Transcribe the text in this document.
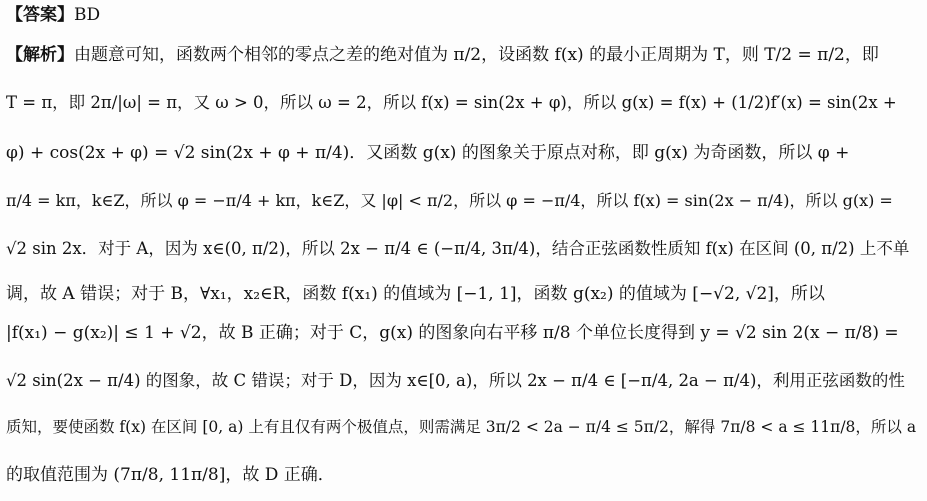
【答案】BD
【解析】由题意可知，函数两个相邻的零点之差的绝对值为 π/2，设函数 f(x) 的最小正周期为 T，则 T/2 = π/2，即
T = π，即 2π/|ω| = π，又 ω > 0，所以 ω = 2，所以 f(x) = sin(2x + φ)，所以 g(x) = f(x) + (1/2)f′(x) = sin(2x +
φ) + cos(2x + φ) = √2 sin(2x + φ + π/4)．又函数 g(x) 的图象关于原点对称，即 g(x) 为奇函数，所以 φ +
π/4 = kπ，k∈Z，所以 φ = −π/4 + kπ，k∈Z，又 |φ| < π/2，所以 φ = −π/4，所以 f(x) = sin(2x − π/4)，所以 g(x) =
√2 sin 2x．对于 A，因为 x∈(0, π/2)，所以 2x − π/4 ∈ (−π/4, 3π/4)，结合正弦函数性质知 f(x) 在区间 (0, π/2) 上不单
调，故 A 错误；对于 B，∀x₁，x₂∈R，函数 f(x₁) 的值域为 [−1, 1]，函数 g(x₂) 的值域为 [−√2, √2]，所以
|f(x₁) − g(x₂)| ≤ 1 + √2，故 B 正确；对于 C，g(x) 的图象向右平移 π/8 个单位长度得到 y = √2 sin 2(x − π/8) =
√2 sin(2x − π/4) 的图象，故 C 错误；对于 D，因为 x∈[0, a)，所以 2x − π/4 ∈ [−π/4, 2a − π/4)，利用正弦函数的性
质知，要使函数 f(x) 在区间 [0, a) 上有且仅有两个极值点，则需满足 3π/2 < 2a − π/4 ≤ 5π/2，解得 7π/8 < a ≤ 11π/8，所以 a
的取值范围为 (7π/8, 11π/8]，故 D 正确．
